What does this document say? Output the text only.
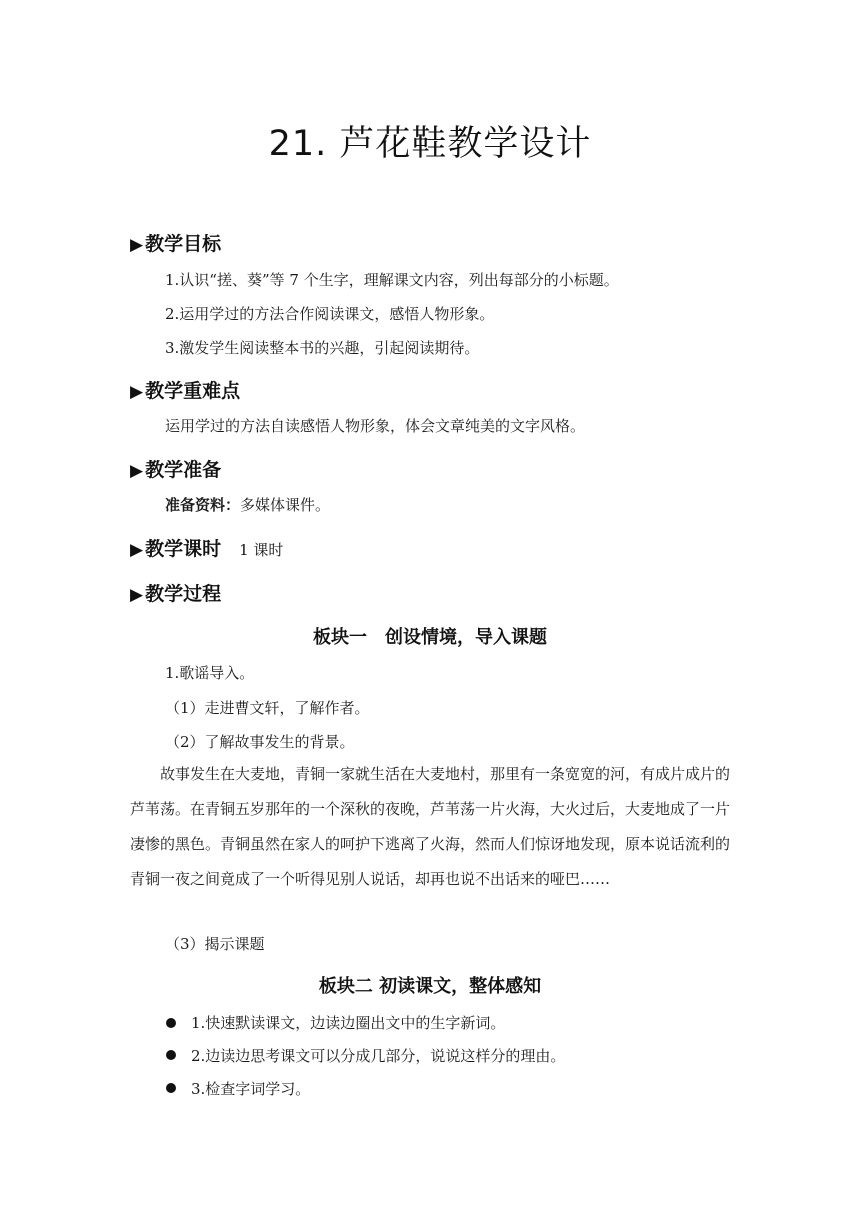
21. 芦花鞋教学设计
▶ 教学目标
1.认识“搓、葵”等 7 个生字，理解课文内容，列出每部分的小标题。
2.运用学过的方法合作阅读课文，感悟人物形象。
3.激发学生阅读整本书的兴趣，引起阅读期待。
▶ 教学重难点
运用学过的方法自读感悟人物形象，体会文章纯美的文字风格。
▶ 教学准备
准备资料：多媒体课件。
▶ 教学课时 1 课时
▶ 教学过程
板块一　创设情境，导入课题
1.歌谣导入。
（1）走进曹文轩，了解作者。
（2）了解故事发生的背景。
故事发生在大麦地，青铜一家就生活在大麦地村，那里有一条宽宽的河，有成片成片的芦苇荡。在青铜五岁那年的一个深秋的夜晚，芦苇荡一片火海，大火过后，大麦地成了一片凄惨的黑色。青铜虽然在家人的呵护下逃离了火海，然而人们惊讶地发现，原本说话流利的青铜一夜之间竟成了一个听得见别人说话，却再也说不出话来的哑巴……
（3）揭示课题
板块二 初读课文，整体感知
1.快速默读课文，边读边圈出文中的生字新词。
2.边读边思考课文可以分成几部分，说说这样分的理由。
3.检查字词学习。
